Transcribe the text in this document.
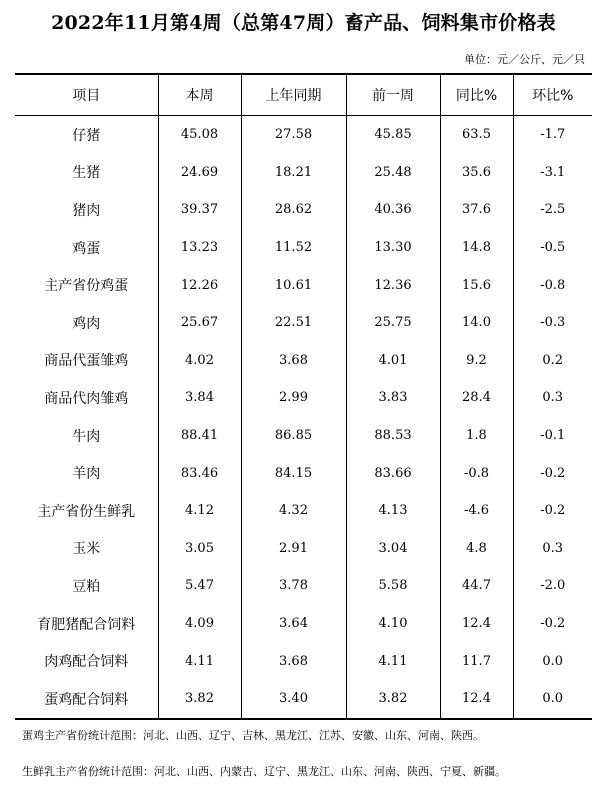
2022年11月第4周（总第47周）畜产品、饲料集市价格表
单位：元／公斤、元／只
项目	本周	上年同期	前一周	同比%	环比%
仔猪	45.08	27.58	45.85	63.5	-1.7
生猪	24.69	18.21	25.48	35.6	-3.1
猪肉	39.37	28.62	40.36	37.6	-2.5
鸡蛋	13.23	11.52	13.30	14.8	-0.5
主产省份鸡蛋	12.26	10.61	12.36	15.6	-0.8
鸡肉	25.67	22.51	25.75	14.0	-0.3
商品代蛋雏鸡	4.02	3.68	4.01	9.2	0.2
商品代肉雏鸡	3.84	2.99	3.83	28.4	0.3
牛肉	88.41	86.85	88.53	1.8	-0.1
羊肉	83.46	84.15	83.66	-0.8	-0.2
主产省份生鲜乳	4.12	4.32	4.13	-4.6	-0.2
玉米	3.05	2.91	3.04	4.8	0.3
豆粕	5.47	3.78	5.58	44.7	-2.0
育肥猪配合饲料	4.09	3.64	4.10	12.4	-0.2
肉鸡配合饲料	4.11	3.68	4.11	11.7	0.0
蛋鸡配合饲料	3.82	3.40	3.82	12.4	0.0
蛋鸡主产省份统计范围：河北、山西、辽宁、吉林、黑龙江、江苏、安徽、山东、河南、陕西。
生鲜乳主产省份统计范围：河北、山西、内蒙古、辽宁、黑龙江、山东、河南、陕西、宁夏、新疆。
